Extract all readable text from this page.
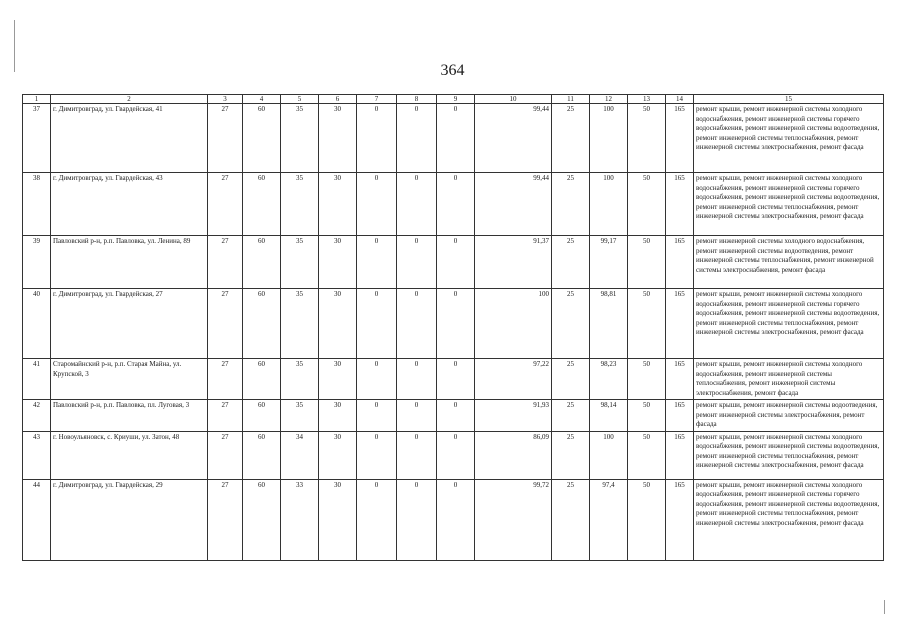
364
1	2	3	4	5	6	7	8	9	10	11	12	13	14	15
37	г. Димитровград, ул. Гвардейская, 41	27	60	35	30	0	0	0	99,44	25	100	50	165	ремонт крыши, ремонт инженерной системы холодного водоснабжения, ремонт инженерной системы горячего водоснабжения, ремонт инженерной системы водоотведения, ремонт инженерной системы теплоснабжения, ремонт инженерной системы электроснабжения, ремонт фасада
38	г. Димитровград, ул. Гвардейская, 43	27	60	35	30	0	0	0	99,44	25	100	50	165	ремонт крыши, ремонт инженерной системы холодного водоснабжения, ремонт инженерной системы горячего водоснабжения, ремонт инженерной системы водоотведения, ремонт инженерной системы теплоснабжения, ремонт инженерной системы электроснабжения, ремонт фасада
39	Павловский р-н, р.п. Павловка, ул. Ленина, 89	27	60	35	30	0	0	0	91,37	25	99,17	50	165	ремонт инженерной системы холодного водоснабжения, ремонт инженерной системы водоотведения, ремонт инженерной системы теплоснабжения, ремонт инженерной системы электроснабжения, ремонт фасада
40	г. Димитровград, ул. Гвардейская, 27	27	60	35	30	0	0	0	100	25	98,81	50	165	ремонт крыши, ремонт инженерной системы холодного водоснабжения, ремонт инженерной системы горячего водоснабжения, ремонт инженерной системы водоотведения, ремонт инженерной системы теплоснабжения, ремонт инженерной системы электроснабжения, ремонт фасада
41	Старомайнский р-н, р.п. Старая Майна, ул. Крупской, 3	27	60	35	30	0	0	0	97,22	25	98,23	50	165	ремонт крыши, ремонт инженерной системы холодного водоснабжения, ремонт инженерной системы теплоснабжения, ремонт инженерной системы электроснабжения, ремонт фасада
42	Павловский р-н, р.п. Павловка, пл. Луговая, 3	27	60	35	30	0	0	0	91,93	25	98,14	50	165	ремонт крыши, ремонт инженерной системы водоотведения, ремонт инженерной системы электроснабжения, ремонт фасада
43	г. Новоульяновск, с. Криуши, ул. Затон, 48	27	60	34	30	0	0	0	86,09	25	100	50	165	ремонт крыши, ремонт инженерной системы холодного водоснабжения, ремонт инженерной системы водоотведения, ремонт инженерной системы теплоснабжения, ремонт инженерной системы электроснабжения, ремонт фасада
44	г. Димитровград, ул. Гвардейская, 29	27	60	33	30	0	0	0	99,72	25	97,4	50	165	ремонт крыши, ремонт инженерной системы холодного водоснабжения, ремонт инженерной системы горячего водоснабжения, ремонт инженерной системы водоотведения, ремонт инженерной системы теплоснабжения, ремонт инженерной системы электроснабжения, ремонт фасада
